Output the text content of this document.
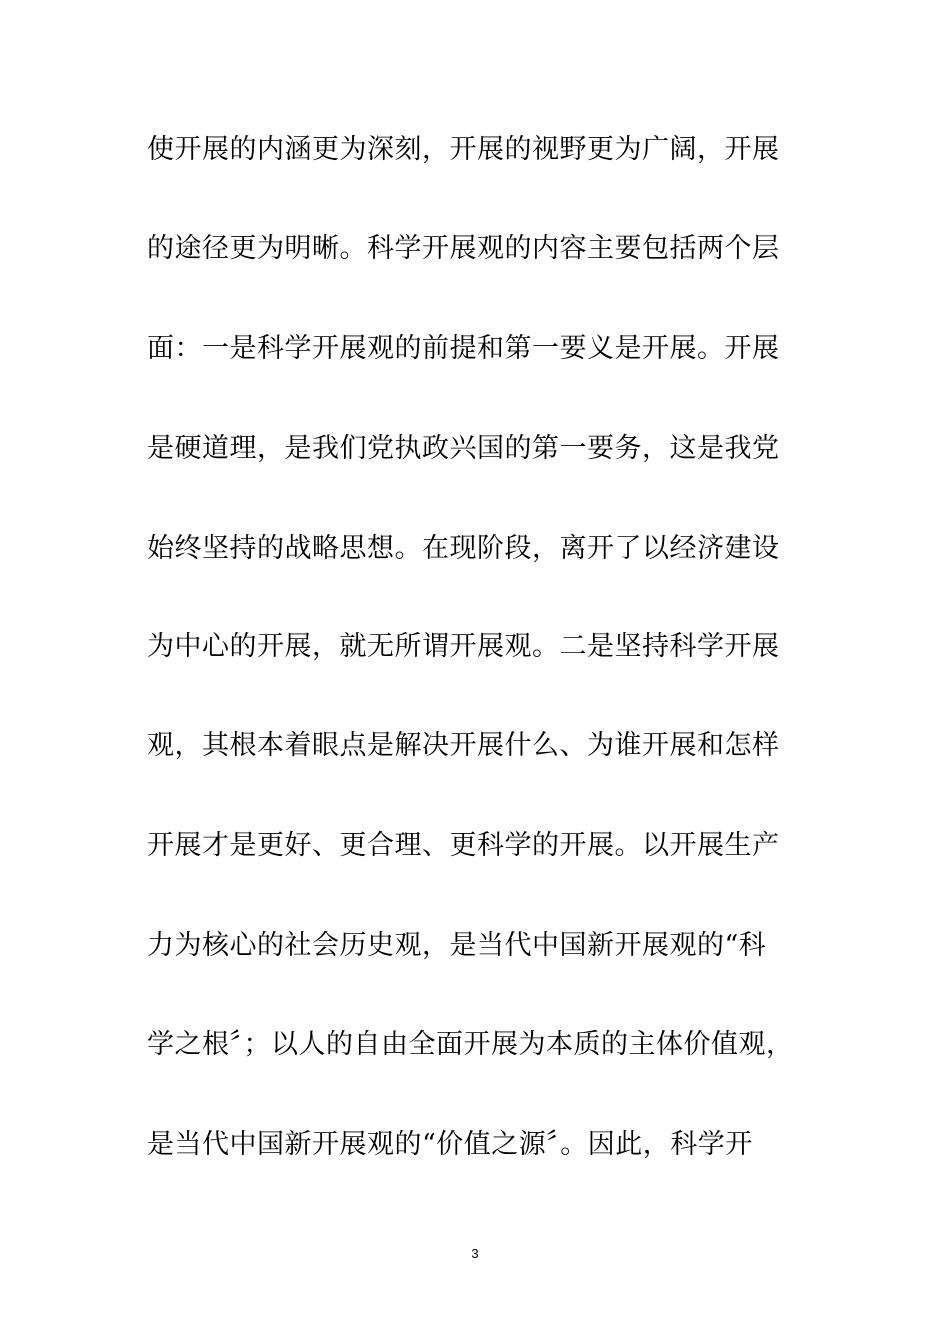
使开展的内涵更为深刻，开展的视野更为广阔，开展
的途径更为明晰。科学开展观的内容主要包括两个层
面：一是科学开展观的前提和第一要义是开展。开展
是硬道理，是我们党执政兴国的第一要务，这是我党
始终坚持的战略思想。在现阶段，离开了以经济建设
为中心的开展，就无所谓开展观。二是坚持科学开展
观，其根本着眼点是解决开展什么、为谁开展和怎样
开展才是更好、更合理、更科学的开展。以开展生产
力为核心的社会历史观，是当代中国新开展观的“科
学之根〞；以人的自由全面开展为本质的主体价值观，
是当代中国新开展观的“价值之源〞。因此，科学开
3
